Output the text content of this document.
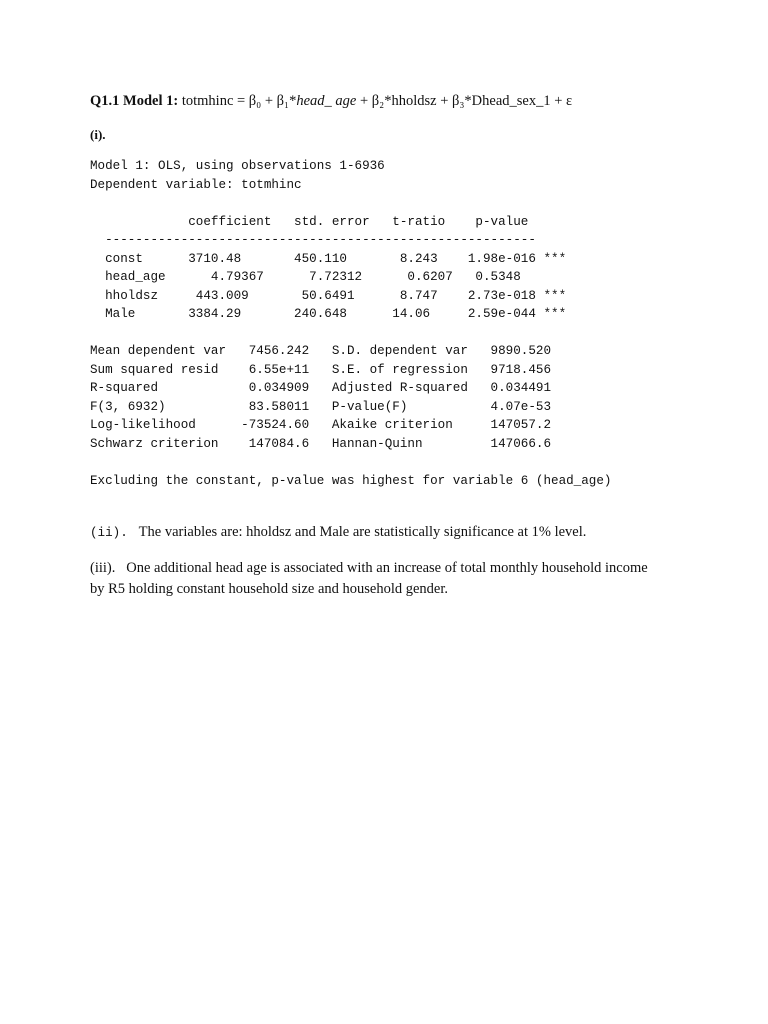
Q1.1 Model 1: totmhinc = β₀ + β₁*head_ age + β₂*hholdsz + β₃*Dhead_sex_1 + ε
(i).
Model 1: OLS, using observations 1-6936
Dependent variable: totmhinc

coefficient   std. error   t-ratio    p-value
---------------------------------------------------------
const      3710.48       450.110       8.243    1.98e-016 ***
head_age      4.79367      7.72312      0.6207   0.5348
hholdsz     443.009       50.6491      8.747    2.73e-018 ***
Male       3384.29       240.648      14.06     2.59e-044 ***

Mean dependent var   7456.242   S.D. dependent var   9890.520
Sum squared resid    6.55e+11   S.E. of regression   9718.456
R-squared            0.034909   Adjusted R-squared   0.034491
F(3, 6932)           83.58011   P-value(F)           4.07e-53
Log-likelihood      -73524.60   Akaike criterion     147057.2
Schwarz criterion    147084.6   Hannan-Quinn         147066.6

Excluding the constant, p-value was highest for variable 6 (head_age)
(ii). The variables are: hholdsz and Male are statistically significance at 1% level.
(iii). One additional head age is associated with an increase of total monthly household income
by R5 holding constant household size and household gender.
